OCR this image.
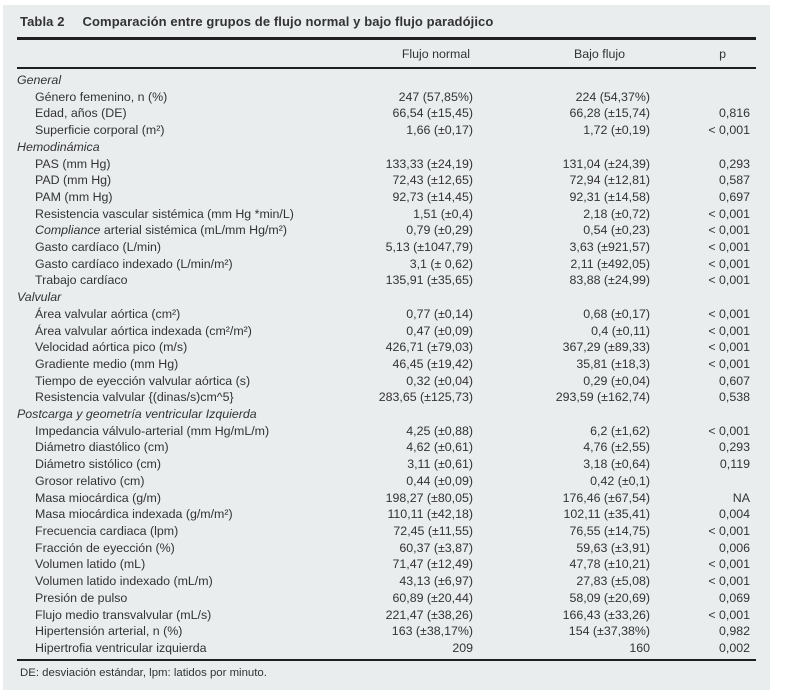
Tabla 2 Comparación entre grupos de flujo normal y bajo flujo paradójico
	Flujo normal	Bajo flujo	p
General			
Género femenino, n (%)	247 (57,85%)	224 (54,37%)	
Edad, años (DE)	66,54 (±15,45)	66,28 (±15,74)	0,816
Superficie corporal (m²)	1,66 (±0,17)	1,72 (±0,19)	< 0,001
Hemodinámica			
PAS (mm Hg)	133,33 (±24,19)	131,04 (±24,39)	0,293
PAD (mm Hg)	72,43 (±12,65)	72,94 (±12,81)	0,587
PAM (mm Hg)	92,73 (±14,45)	92,31 (±14,58)	0,697
Resistencia vascular sistémica (mm Hg *min/L)	1,51 (±0,4)	2,18 (±0,72)	< 0,001
Compliance arterial sistémica (mL/mm Hg/m²)	0,79 (±0,29)	0,54 (±0,23)	< 0,001
Gasto cardíaco (L/min)	5,13 (±1047,79)	3,63 (±921,57)	< 0,001
Gasto cardíaco indexado (L/min/m²)	3,1 (± 0,62)	2,11 (±492,05)	< 0,001
Trabajo cardíaco	135,91 (±35,65)	83,88 (±24,99)	< 0,001
Valvular			
Área valvular aórtica (cm²)	0,77 (±0,14)	0,68 (±0,17)	< 0,001
Área valvular aórtica indexada (cm²/m²)	0,47 (±0,09)	0,4 (±0,11)	< 0,001
Velocidad aórtica pico (m/s)	426,71 (±79,03)	367,29 (±89,33)	< 0,001
Gradiente medio (mm Hg)	46,45 (±19,42)	35,81 (±18,3)	< 0,001
Tiempo de eyección valvular aórtica (s)	0,32 (±0,04)	0,29 (±0,04)	0,607
Resistencia valvular {(dinas/s)cm^5}	283,65 (±125,73)	293,59 (±162,74)	0,538
Postcarga y geometría ventricular Izquierda			
Impedancia válvulo-arterial (mm Hg/mL/m)	4,25 (±0,88)	6,2 (±1,62)	< 0,001
Diámetro diastólico (cm)	4,62 (±0,61)	4,76 (±2,55)	0,293
Diámetro sistólico (cm)	3,11 (±0,61)	3,18 (±0,64)	0,119
Grosor relativo (cm)	0,44 (±0,09)	0,42 (±0,1)	
Masa miocárdica (g/m)	198,27 (±80,05)	176,46 (±67,54)	NA
Masa miocárdica indexada (g/m/m²)	110,11 (±42,18)	102,11 (±35,41)	0,004
Frecuencia cardiaca (lpm)	72,45 (±11,55)	76,55 (±14,75)	< 0,001
Fracción de eyección (%)	60,37 (±3,87)	59,63 (±3,91)	0,006
Volumen latido (mL)	71,47 (±12,49)	47,78 (±10,21)	< 0,001
Volumen latido indexado (mL/m)	43,13 (±6,97)	27,83 (±5,08)	< 0,001
Presión de pulso	60,89 (±20,44)	58,09 (±20,69)	0,069
Flujo medio transvalvular (mL/s)	221,47 (±38,26)	166,43 (±33,26)	< 0,001
Hipertensión arterial, n (%)	163 (±38,17%)	154 (±37,38%)	0,982
Hipertrofia ventricular izquierda	209	160	0,002
DE: desviación estándar, lpm: latidos por minuto.
